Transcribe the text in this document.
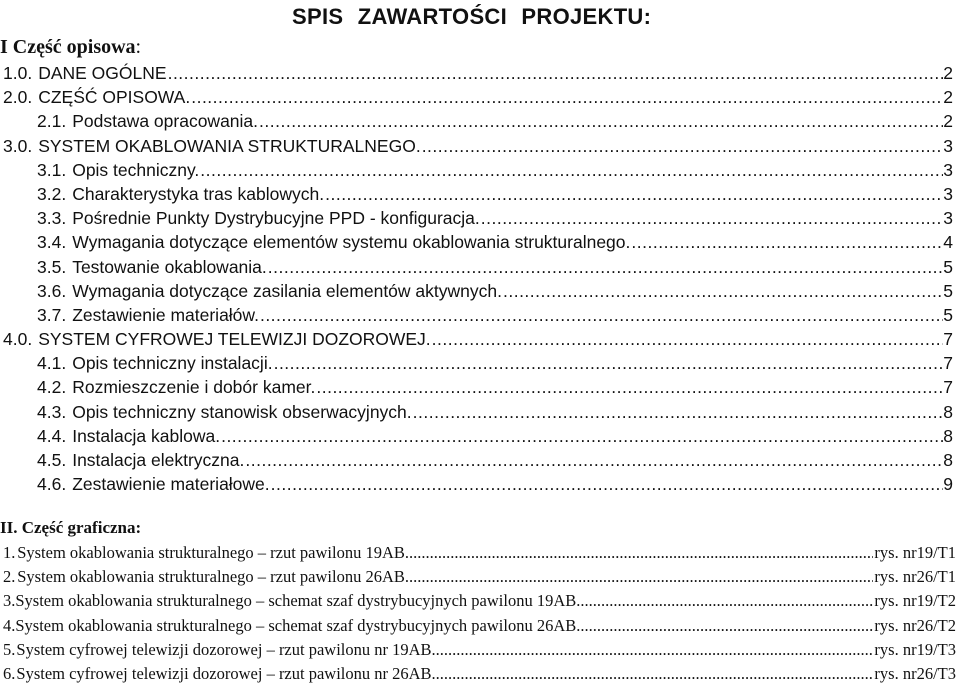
SPIS ZAWARTOŚCI PROJEKTU:
I Część opisowa:
1.0. DANE OGÓLNE .....	2
2.0. CZĘŚĆ OPISOWA. .....	2
2.1. Podstawa opracowania. .....	2
3.0. SYSTEM OKABLOWANIA STRUKTURALNEGO. .....	3
3.1. Opis techniczny. .....	3
3.2. Charakterystyka tras kablowych. .....	3
3.3. Pośrednie Punkty Dystrybucyjne PPD - konfiguracja. .....	3
3.4. Wymagania dotyczące elementów systemu okablowania strukturalnego. .....	4
3.5. Testowanie okablowania. .....	5
3.6. Wymagania dotyczące zasilania elementów aktywnych. .....	5
3.7. Zestawienie materiałów. .....	5
4.0. SYSTEM CYFROWEJ TELEWIZJI DOZOROWEJ. .....	7
4.1. Opis techniczny instalacji. .....	7
4.2. Rozmieszczenie i dobór kamer. .....	7
4.3. Opis techniczny stanowisk obserwacyjnych. .....	8
4.4. Instalacja kablowa. .....	8
4.5. Instalacja elektryczna. .....	8
4.6. Zestawienie materiałowe. .....	9
II. Część graficzna:
1. System okablowania strukturalnego – rzut pawilonu 19AB .....	rys. nr 19/T1
2. System okablowania strukturalnego – rzut pawilonu 26AB .....	rys. nr 26/T1
3. System okablowania strukturalnego – schemat szaf dystrybucyjnych pawilonu 19AB .....	rys. nr 19/T2
4. System okablowania strukturalnego – schemat szaf dystrybucyjnych pawilonu 26AB .....	rys. nr 26/T2
5. System cyfrowej telewizji dozorowej – rzut pawilonu nr 19AB .....	rys. nr 19/T3
6. System cyfrowej telewizji dozorowej – rzut pawilonu nr 26AB .....	rys. nr 26/T3
